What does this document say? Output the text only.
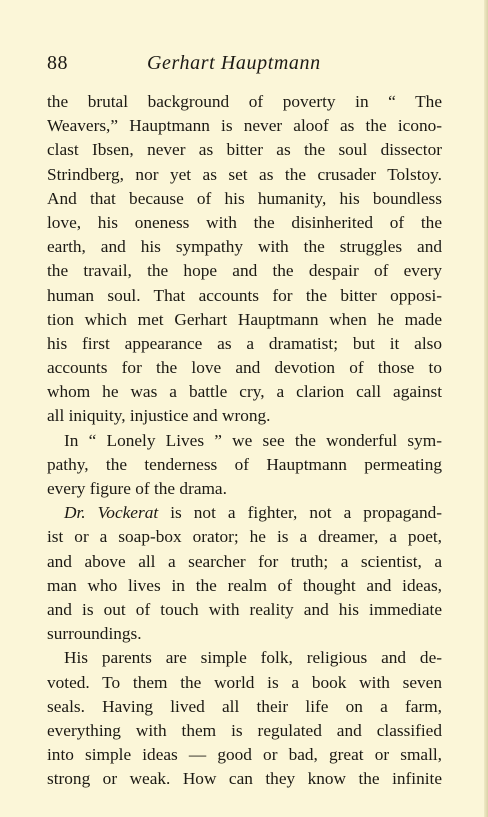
88	Gerhart Hauptmann
the brutal background of poverty in “ The
Weavers,” Hauptmann is never aloof as the icono-
clast Ibsen, never as bitter as the soul dissector
Strindberg, nor yet as set as the crusader Tolstoy.
And that because of his humanity, his boundless
love, his oneness with the disinherited of the
earth, and his sympathy with the struggles and
the travail, the hope and the despair of every
human soul. That accounts for the bitter opposi-
tion which met Gerhart Hauptmann when he made
his first appearance as a dramatist; but it also
accounts for the love and devotion of those to
whom he was a battle cry, a clarion call against
all iniquity, injustice and wrong.
In “ Lonely Lives ” we see the wonderful sym-
pathy, the tenderness of Hauptmann permeating
every figure of the drama.
Dr. Vockerat is not a fighter, not a propagand-
ist or a soap-box orator; he is a dreamer, a poet,
and above all a searcher for truth; a scientist, a
man who lives in the realm of thought and ideas,
and is out of touch with reality and his immediate
surroundings.
His parents are simple folk, religious and de-
voted. To them the world is a book with seven
seals. Having lived all their life on a farm,
everything with them is regulated and classified
into simple ideas — good or bad, great or small,
strong or weak. How can they know the infinite
